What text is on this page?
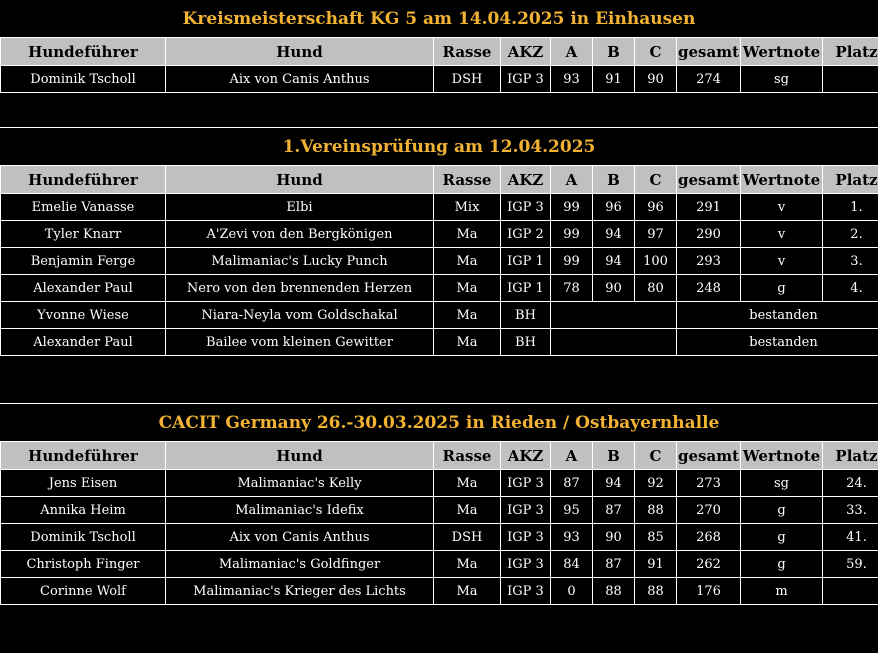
Kreismeisterschaft KG 5 am 14.04.2025 in Einhausen
Hundeführer	Hund	Rasse	AKZ	A	B	C	gesamt	Wertnote	Platz
Dominik Tscholl	Aix von Canis Anthus	DSH	IGP 3	93	91	90	274	sg	
1.Vereinsprüfung am 12.04.2025
Hundeführer	Hund	Rasse	AKZ	A	B	C	gesamt	Wertnote	Platz
Emelie Vanasse	Elbi	Mix	IGP 3	99	96	96	291	v	1.
Tyler Knarr	A'Zevi von den Bergkönigen	Ma	IGP 2	99	94	97	290	v	2.
Benjamin Ferge	Malimaniac's Lucky Punch	Ma	IGP 1	99	94	100	293	v	3.
Alexander Paul	Nero von den brennenden Herzen	Ma	IGP 1	78	90	80	248	g	4.
Yvonne Wiese	Niara-Neyla vom Goldschakal	Ma	BH				bestanden		
Alexander Paul	Bailee vom kleinen Gewitter	Ma	BH				bestanden		
CACIT Germany 26.-30.03.2025 in Rieden / Ostbayernhalle
Hundeführer	Hund	Rasse	AKZ	A	B	C	gesamt	Wertnote	Platz
Jens Eisen	Malimaniac's Kelly	Ma	IGP 3	87	94	92	273	sg	24.
Annika Heim	Malimaniac's Idefix	Ma	IGP 3	95	87	88	270	g	33.
Dominik Tscholl	Aix von Canis Anthus	DSH	IGP 3	93	90	85	268	g	41.
Christoph Finger	Malimaniac's Goldfinger	Ma	IGP 3	84	87	91	262	g	59.
Corinne Wolf	Malimaniac's Krieger des Lichts	Ma	IGP 3	0	88	88	176	m	
